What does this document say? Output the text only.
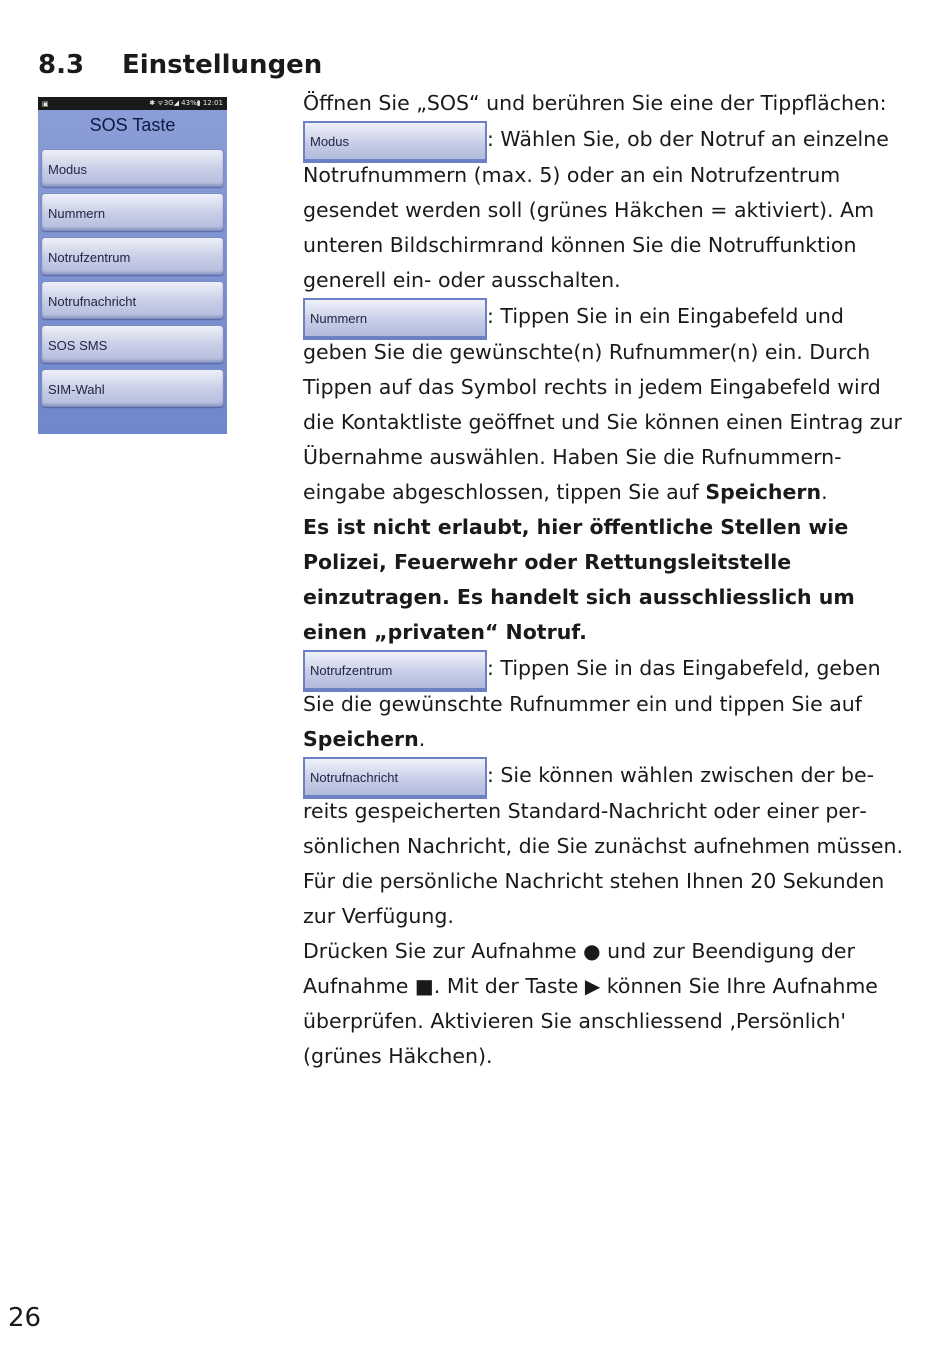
8.3 Einstellungen
▣	✱ ᯤ3G◢ 43%▮ 12:01
SOS Taste
Modus
Nummern
Notrufzentrum
Notrufnachricht
SOS SMS
SIM-Wahl

Öffnen Sie „SOS“ und berühren Sie eine der Tippflächen:

Modus	: Wählen Sie, ob der Notruf an einzelne Notrufnummern (max. 5) oder an ein Notrufzentrum gesendet werden soll (grünes Häkchen = aktiviert). Am unteren Bildschirmrand können Sie die Notruffunktion generell ein- oder ausschalten.

Nummern	: Tippen Sie in ein Eingabefeld und geben Sie die gewünschte(n) Rufnummer(n) ein. Durch Tippen auf das Symbol rechts in jedem Eingabefeld wird die Kontaktliste geöffnet und Sie können einen Eintrag zur Übernahme auswählen. Haben Sie die Rufnummerneingabe abgeschlossen, tippen Sie auf Speichern.

Es ist nicht erlaubt, hier öffentliche Stellen wie Polizei, Feuerwehr oder Rettungsleitstelle einzutragen. Es handelt sich ausschliesslich um einen „privaten“ Notruf.

Notrufzentrum	: Tippen Sie in das Eingabefeld, geben Sie die gewünschte Rufnummer ein und tippen Sie auf Speichern.

Notrufnachricht	: Sie können wählen zwischen der bereits gespeicherten Standard-Nachricht oder einer persönlichen Nachricht, die Sie zunächst aufnehmen müssen. Für die persönliche Nachricht stehen Ihnen 20 Sekunden zur Verfügung.

Drücken Sie zur Aufnahme ● und zur Beendigung der Aufnahme ■. Mit der Taste ▶ können Sie Ihre Aufnahme überprüfen. Aktivieren Sie anschliessend ‚Persönlich' (grünes Häkchen).

26
